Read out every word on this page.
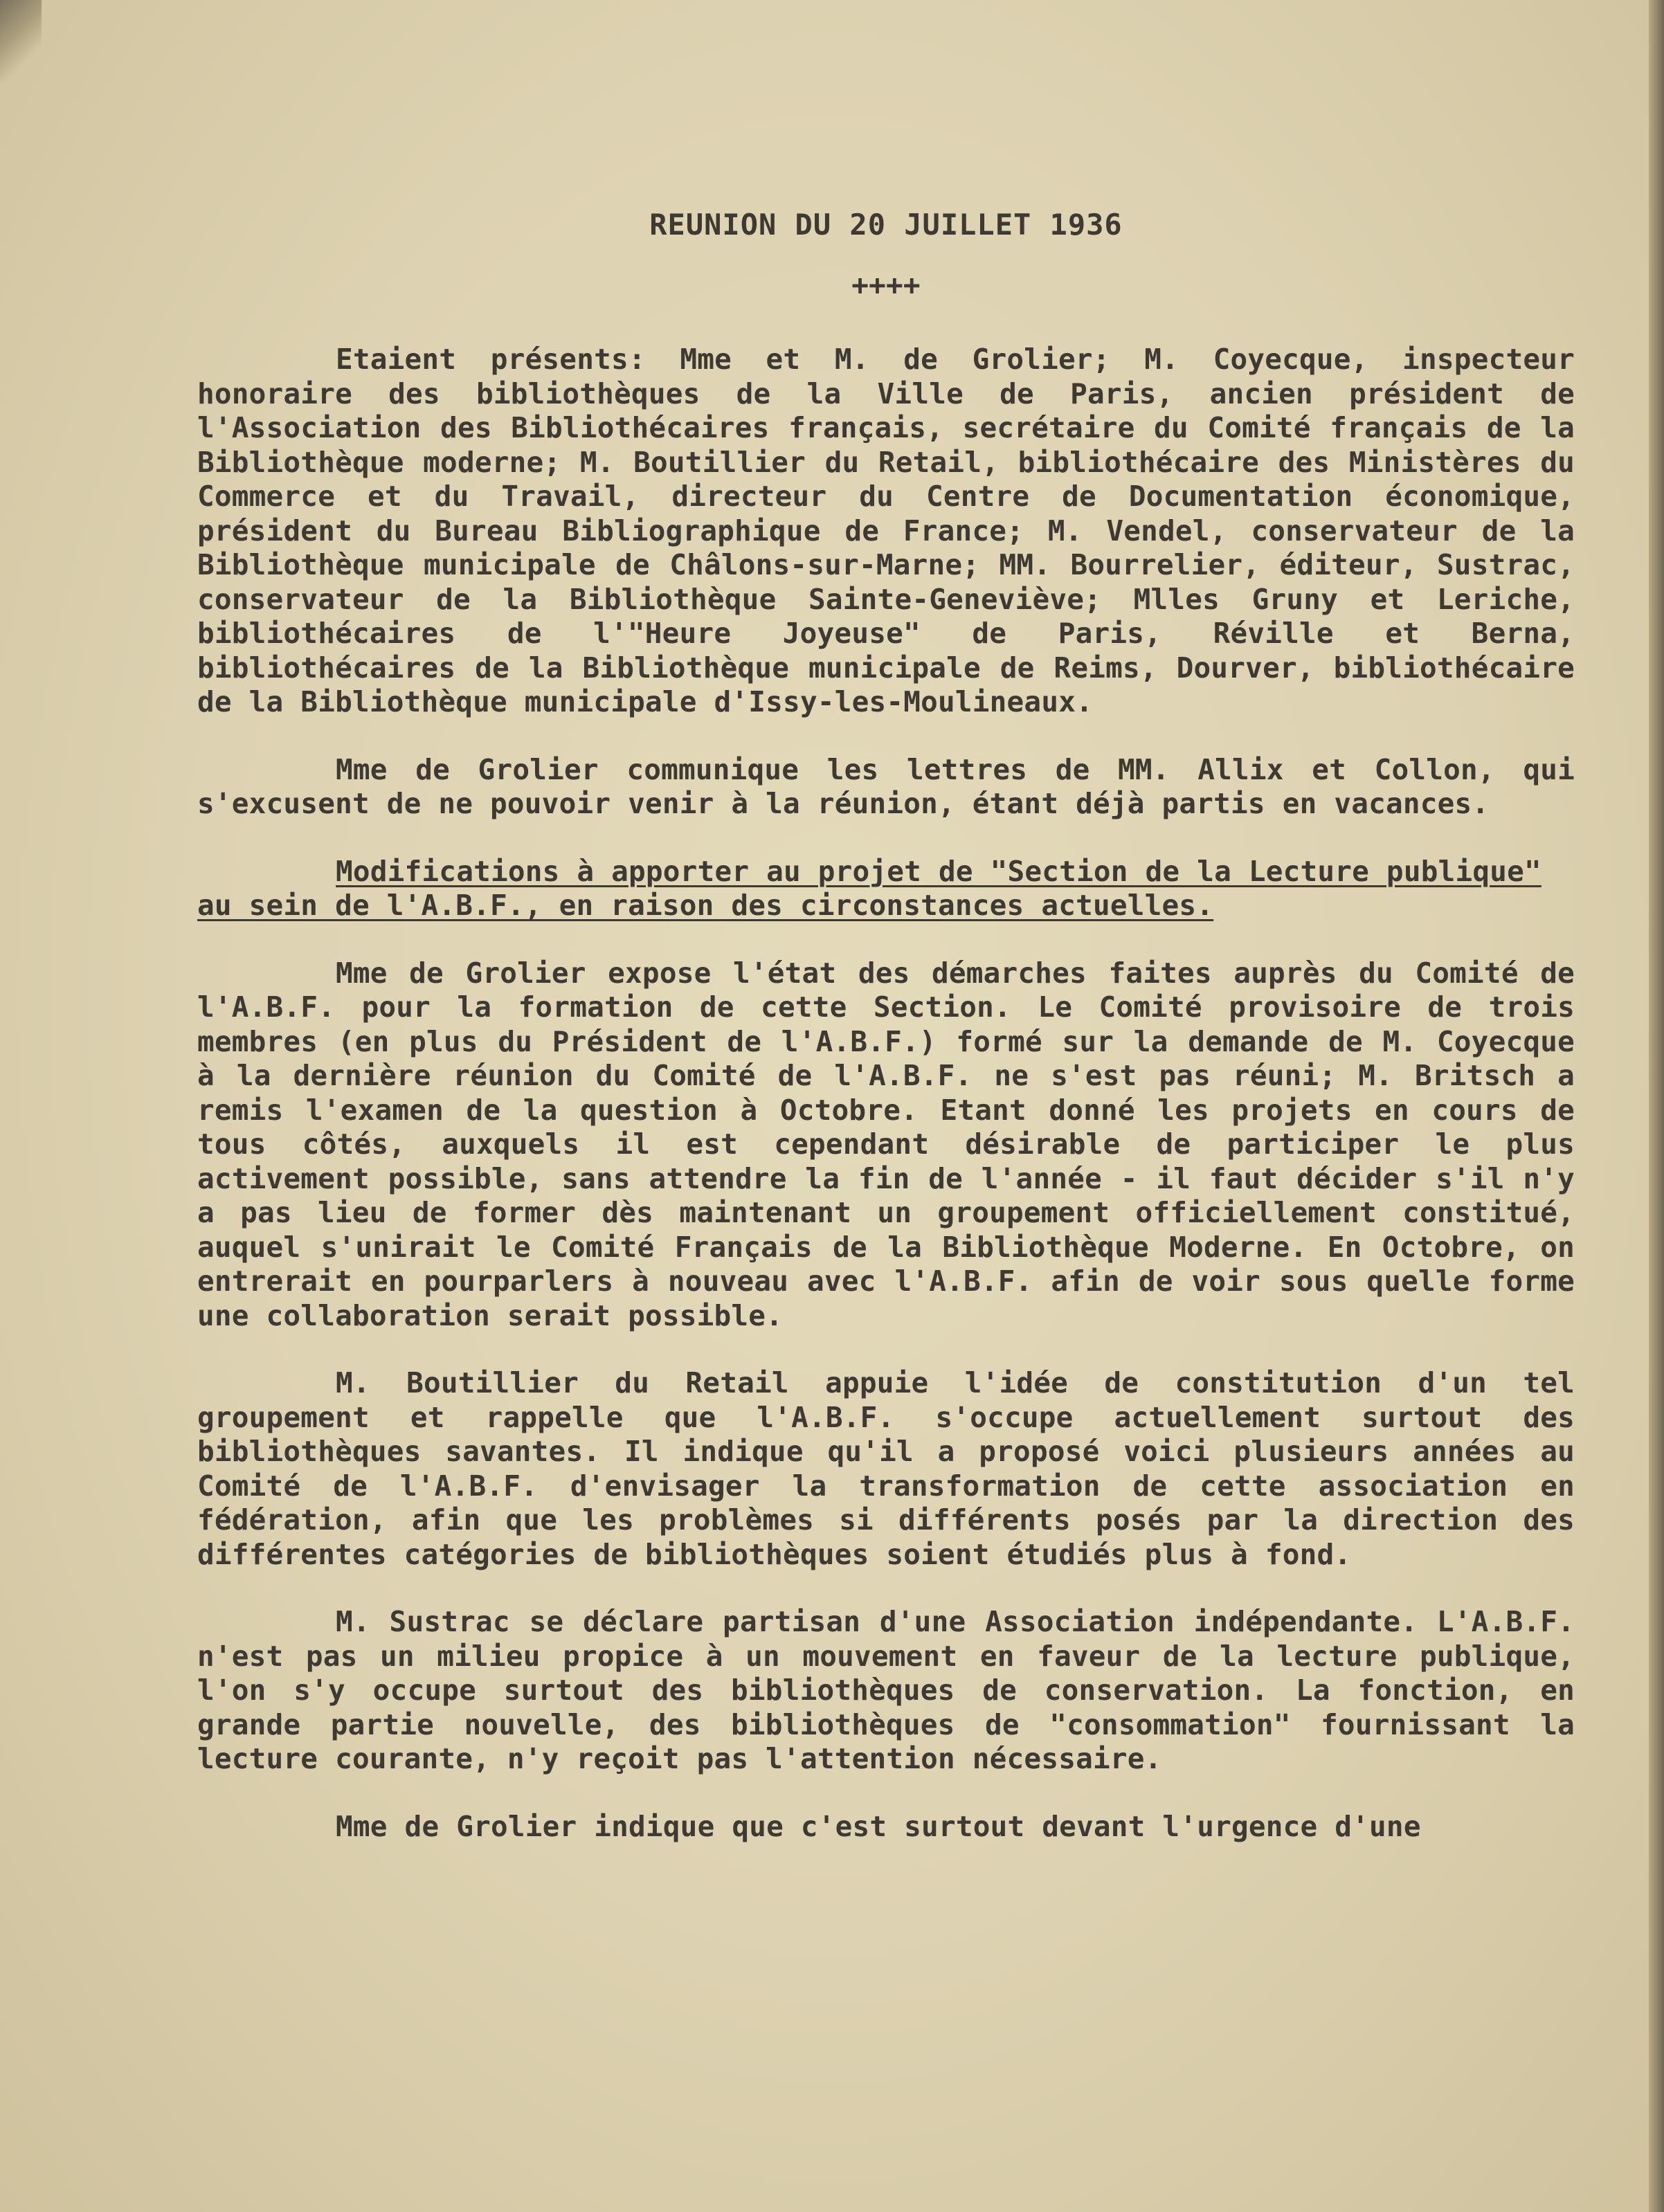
REUNION DU 20 JUILLET 1936
++++

Etaient présents: Mme et M. de Grolier; M. Coyecque, inspecteur honoraire des bibliothèques de la Ville de Paris, ancien président de l'Association des Bibliothécaires français, secrétaire du Comité français de la Bibliothèque moderne; M. Boutillier du Retail, bibliothécaire des Ministères du Commerce et du Travail, directeur du Centre de Documentation économique, président du Bureau Bibliographique de France; M. Vendel, conservateur de la Bibliothèque municipale de Châlons-sur-Marne; MM. Bourrelier, éditeur, Sustrac, conservateur de la Bibliothèque Sainte-Geneviève; Mlles Gruny et Leriche, bibliothécaires de l'"Heure Joyeuse" de Paris, Réville et Berna, bibliothécaires de la Bibliothèque municipale de Reims, Dourver, bibliothécaire de la Bibliothèque municipale d'Issy-les-Moulineaux.

Mme de Grolier communique les lettres de MM. Allix et Collon, qui s'excusent de ne pouvoir venir à la réunion, étant déjà partis en vacances.

Modifications à apporter au projet de "Section de la Lecture publique" au sein de l'A.B.F., en raison des circonstances actuelles.

Mme de Grolier expose l'état des démarches faites auprès du Comité de l'A.B.F. pour la formation de cette Section. Le Comité provisoire de trois membres (en plus du Président de l'A.B.F.) formé sur la demande de M. Coyecque à la dernière réunion du Comité de l'A.B.F. ne s'est pas réuni; M. Britsch a remis l'examen de la question à Octobre. Etant donné les projets en cours de tous côtés, auxquels il est cependant désirable de participer le plus activement possible, sans attendre la fin de l'année - il faut décider s'il n'y a pas lieu de former dès maintenant un groupement officiellement constitué, auquel s'unirait le Comité Français de la Bibliothèque Moderne. En Octobre, on entrerait en pourparlers à nouveau avec l'A.B.F. afin de voir sous quelle forme une collaboration serait possible.

M. Boutillier du Retail appuie l'idée de constitution d'un tel groupement et rappelle que l'A.B.F. s'occupe actuellement surtout des bibliothèques savantes. Il indique qu'il a proposé voici plusieurs années au Comité de l'A.B.F. d'envisager la transformation de cette association en fédération, afin que les problèmes si différents posés par la direction des différentes catégories de bibliothèques soient étudiés plus à fond.

M. Sustrac se déclare partisan d'une Association indépendante. L'A.B.F. n'est pas un milieu propice à un mouvement en faveur de la lecture publique, l'on s'y occupe surtout des bibliothèques de conservation. La fonction, en grande partie nouvelle, des bibliothèques de "consommation" fournissant la lecture courante, n'y reçoit pas l'attention nécessaire.

Mme de Grolier indique que c'est surtout devant l'urgence d'une
